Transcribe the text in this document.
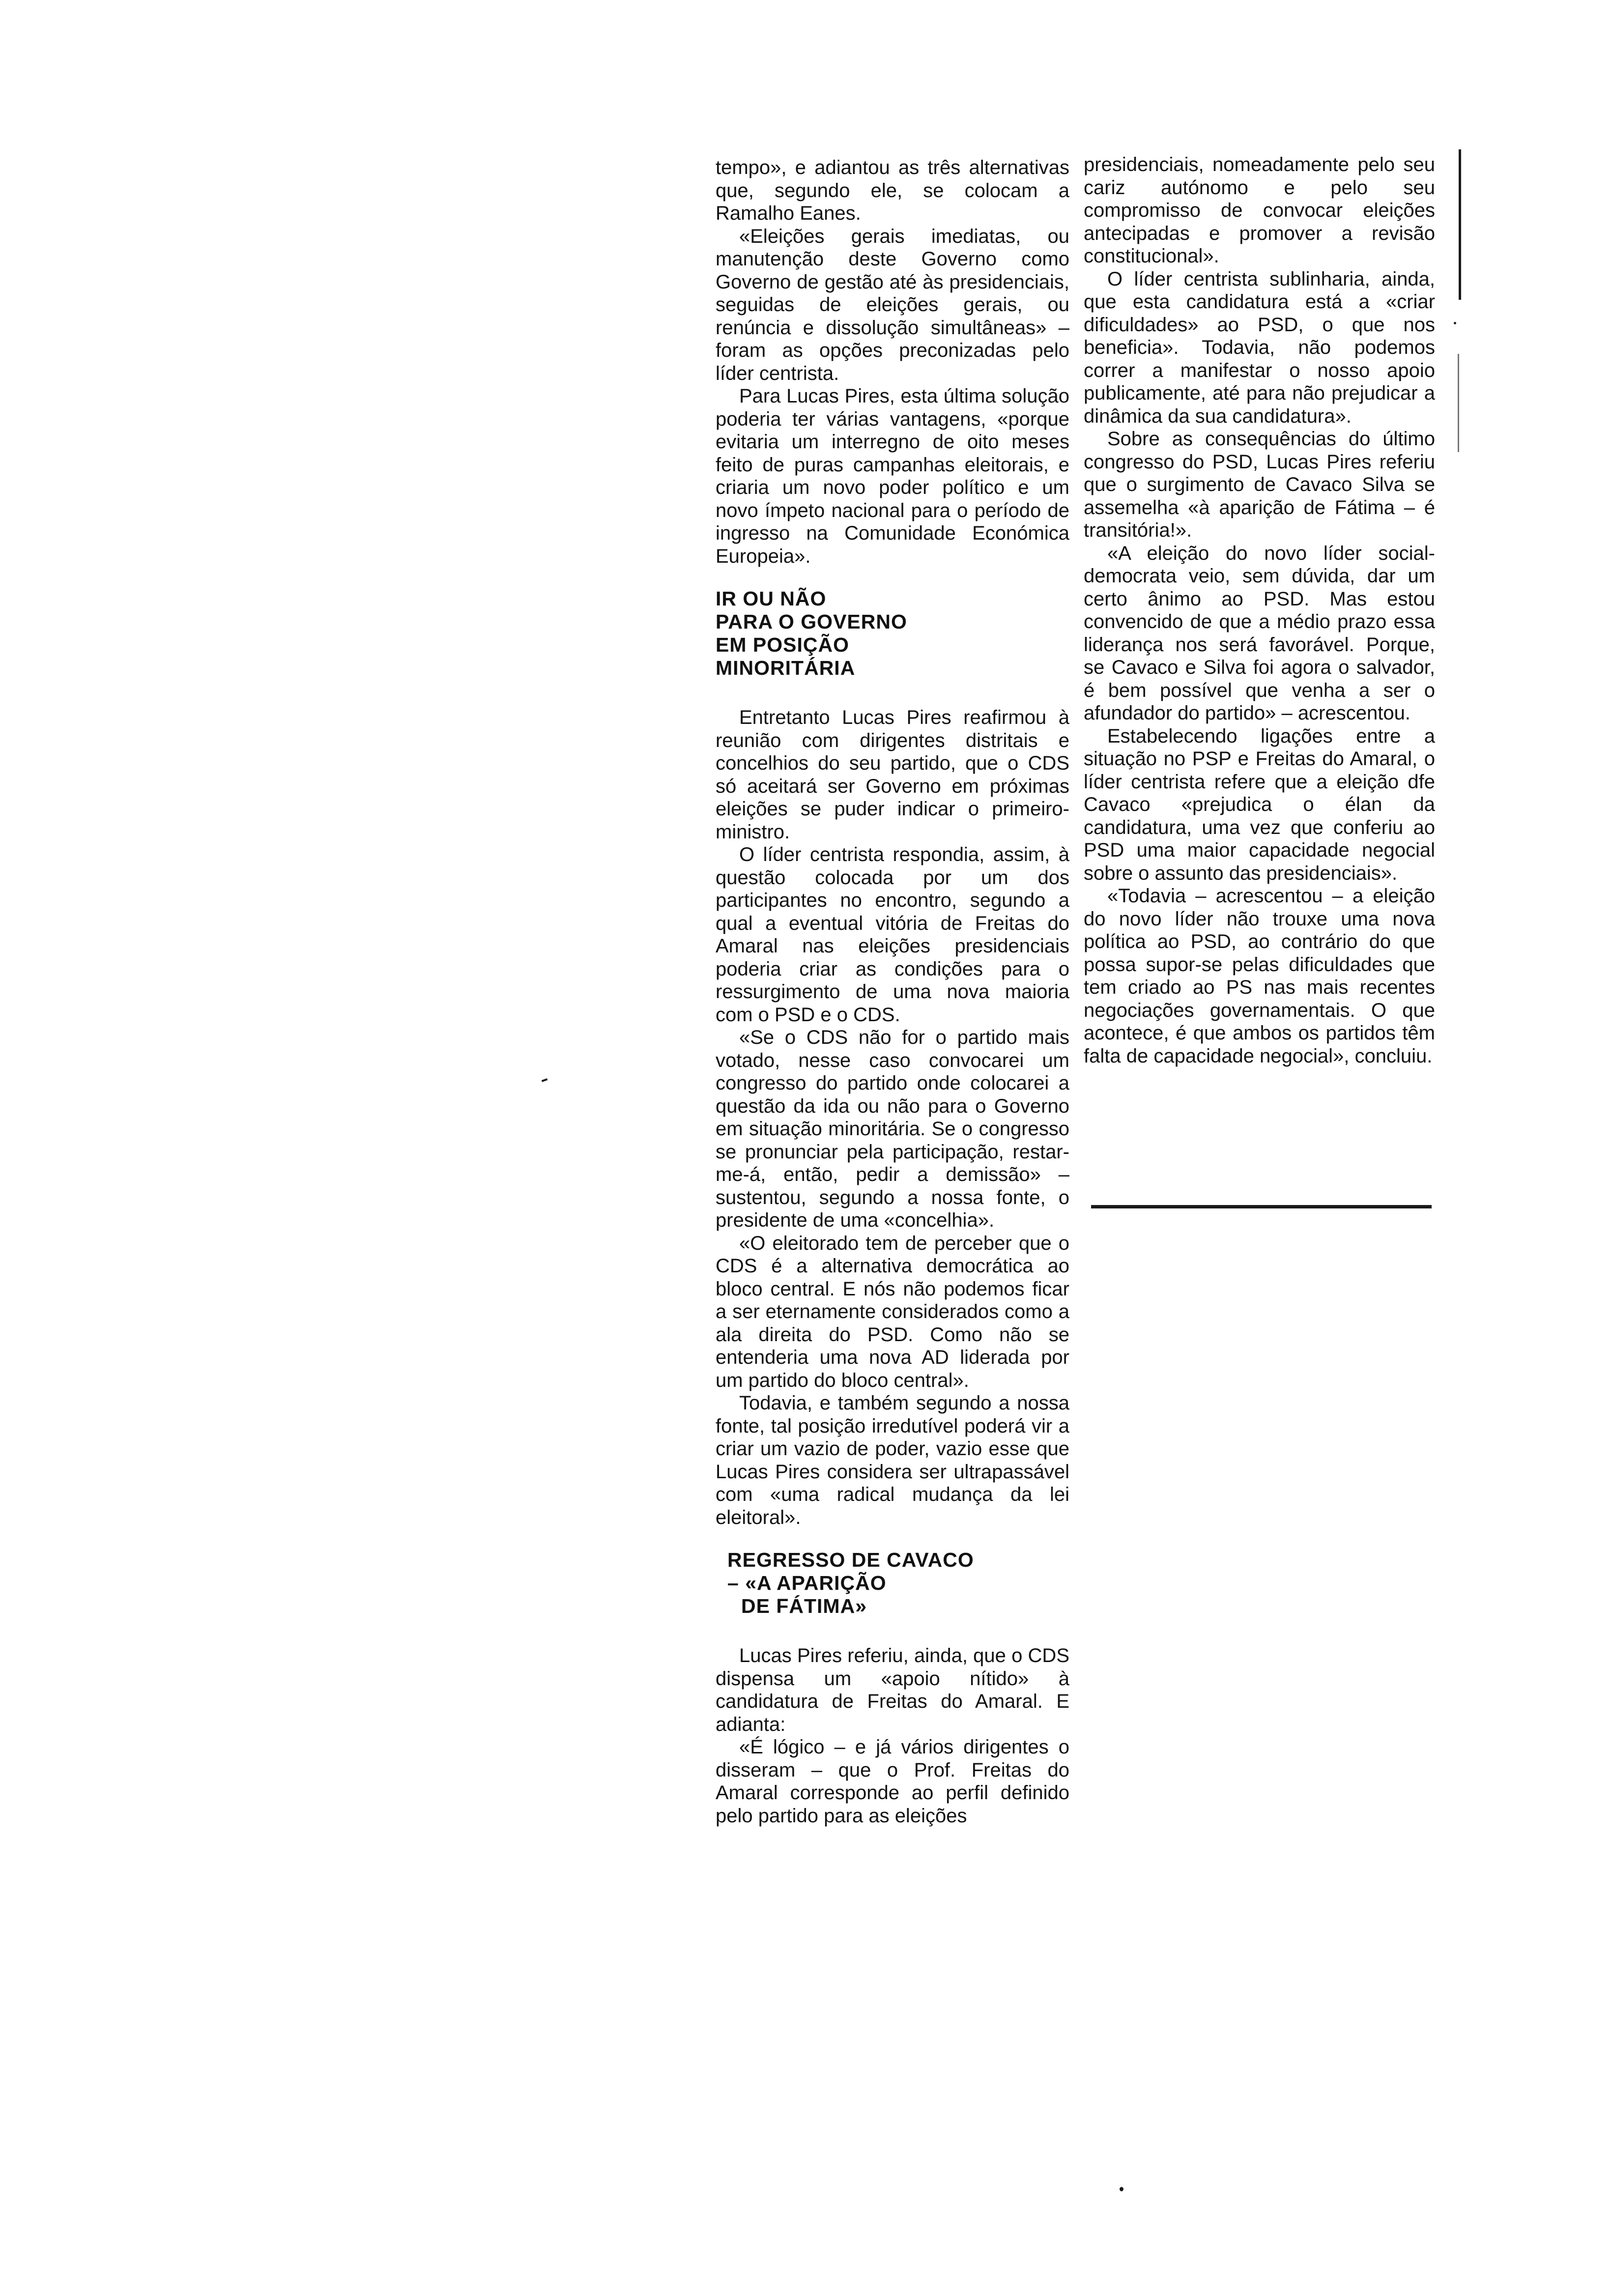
tempo», e adiantou as três alternativas que, segundo ele, se colocam a Ramalho Eanes.

«Eleições gerais imediatas, ou manutenção deste Governo como Governo de gestão até às presidenciais, seguidas de eleições gerais, ou renúncia e dissolução simultâneas» – foram as opções preconizadas pelo líder centrista.

Para Lucas Pires, esta última solução poderia ter várias vantagens, «porque evitaria um interregno de oito meses feito de puras campanhas eleitorais, e criaria um novo poder político e um novo ímpeto nacional para o período de ingresso na Comunidade Económica Europeia».

IR OU NÃO
PARA O GOVERNO
EM POSIÇÃO
MINORITÁRIA

Entretanto Lucas Pires reafirmou à reunião com dirigentes distritais e concelhios do seu partido, que o CDS só aceitará ser Governo em próximas eleições se puder indicar o primeiro-ministro.

O líder centrista respondia, assim, à questão colocada por um dos participantes no encontro, segundo a qual a eventual vitória de Freitas do Amaral nas eleições presidenciais poderia criar as condições para o ressurgimento de uma nova maioria com o PSD e o CDS.

«Se o CDS não for o partido mais votado, nesse caso convocarei um congresso do partido onde colocarei a questão da ida ou não para o Governo em situação minoritária. Se o congresso se pronunciar pela participação, restar-me-á, então, pedir a demissão» – sustentou, segundo a nossa fonte, o presidente de uma «concelhia».

«O eleitorado tem de perceber que o CDS é a alternativa democrática ao bloco central. E nós não podemos ficar a ser eternamente considerados como a ala direita do PSD. Como não se entenderia uma nova AD liderada por um partido do bloco central».

Todavia, e também segundo a nossa fonte, tal posição irredutível poderá vir a criar um vazio de poder, vazio esse que Lucas Pires considera ser ultrapassável com «uma radical mudança da lei eleitoral».

REGRESSO DE CAVACO
– «A APARIÇÃO
DE FÁTIMA»

Lucas Pires referiu, ainda, que o CDS dispensa um «apoio nítido» à candidatura de Freitas do Amaral. E adianta:

«É lógico – e já vários dirigentes o disseram – que o Prof. Freitas do Amaral corresponde ao perfil definido pelo partido para as eleições

presidenciais, nomeadamente pelo seu cariz autónomo e pelo seu compromisso de convocar eleições antecipadas e promover a revisão constitucional».

O líder centrista sublinharia, ainda, que esta candidatura está a «criar dificuldades» ao PSD, o que nos beneficia». Todavia, não podemos correr a manifestar o nosso apoio publicamente, até para não prejudicar a dinâmica da sua candidatura».

Sobre as consequências do último congresso do PSD, Lucas Pires referiu que o surgimento de Cavaco Silva se assemelha «à aparição de Fátima – é transitória!».

«A eleição do novo líder social-democrata veio, sem dúvida, dar um certo ânimo ao PSD. Mas estou convencido de que a médio prazo essa liderança nos será favorável. Porque, se Cavaco e Silva foi agora o salvador, é bem possível que venha a ser o afundador do partido» – acrescentou.

Estabelecendo ligações entre a situação no PSP e Freitas do Amaral, o líder centrista refere que a eleição dfe Cavaco «prejudica o élan da candidatura, uma vez que conferiu ao PSD uma maior capacidade negocial sobre o assunto das presidenciais».

«Todavia – acrescentou – a eleição do novo líder não trouxe uma nova política ao PSD, ao contrário do que possa supor-se pelas dificuldades que tem criado ao PS nas mais recentes negociações governamentais. O que acontece, é que ambos os partidos têm falta de capacidade negocial», concluiu.
